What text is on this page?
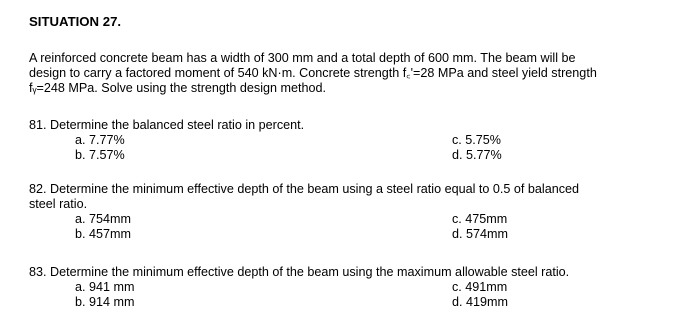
SITUATION 27.
A reinforced concrete beam has a width of 300 mm and a total depth of 600 mm. The beam will be
design to carry a factored moment of 540 kN·m. Concrete strength f꜀'=28 MPa and steel yield strength
fᵧ=248 MPa. Solve using the strength design method.
81. Determine the balanced steel ratio in percent.
a. 7.77%
b. 7.57%
c. 5.75%
d. 5.77%
82. Determine the minimum effective depth of the beam using a steel ratio equal to 0.5 of balanced
steel ratio.
a. 754mm
b. 457mm
c. 475mm
d. 574mm
83. Determine the minimum effective depth of the beam using the maximum allowable steel ratio.
a. 941 mm
b. 914 mm
c. 491mm
d. 419mm
